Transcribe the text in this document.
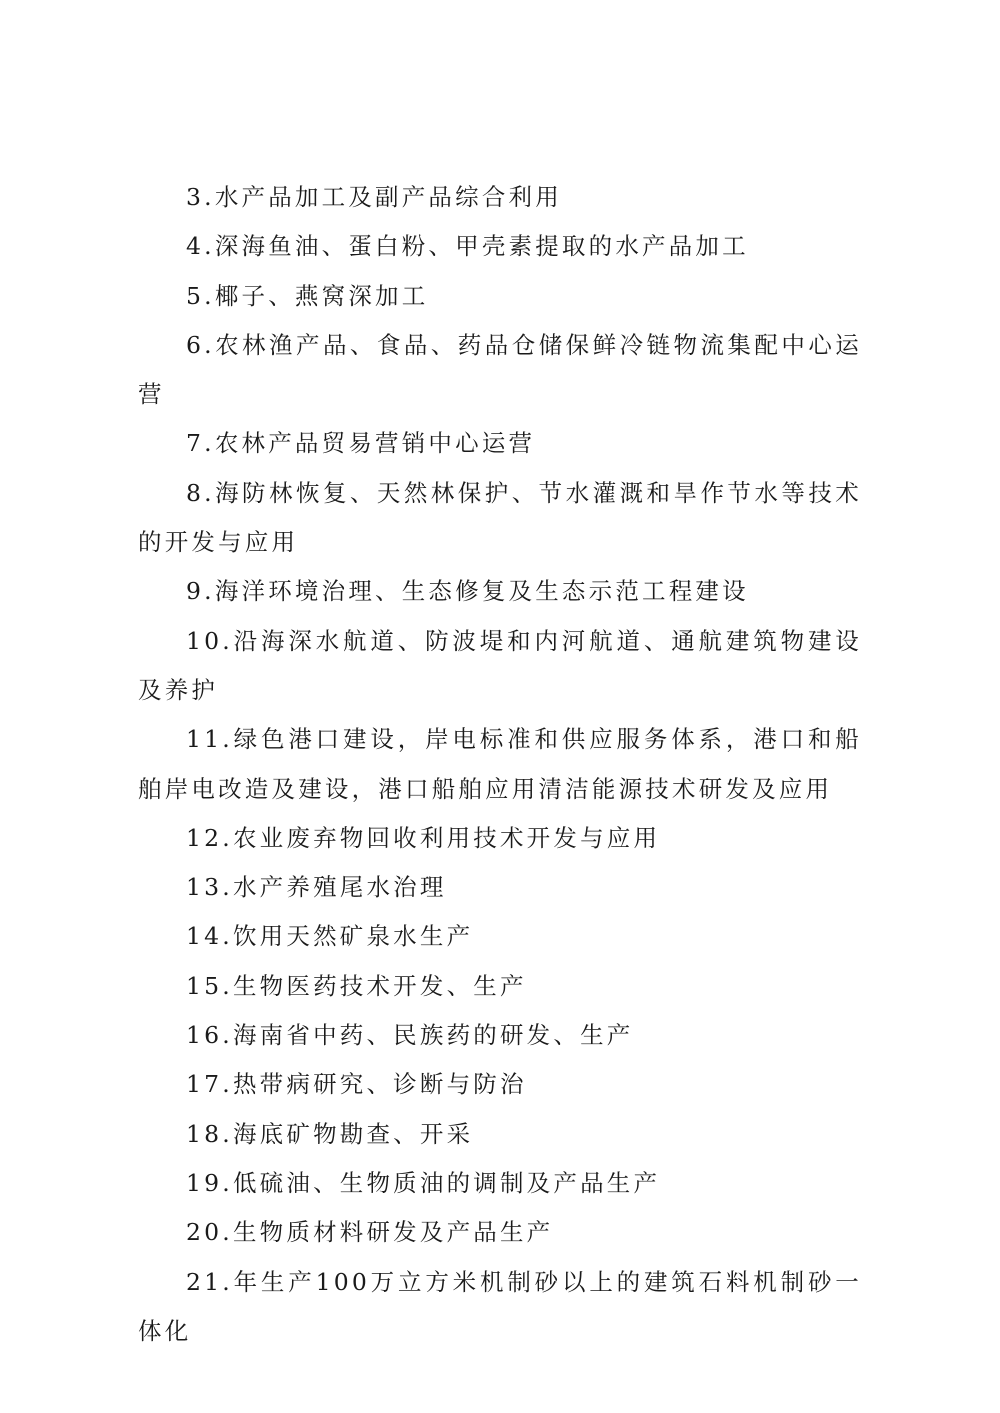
3.水产品加工及副产品综合利用

4.深海鱼油、蛋白粉、甲壳素提取的水产品加工

5.椰子、燕窝深加工

6.农林渔产品、食品、药品仓储保鲜冷链物流集配中心运营

7.农林产品贸易营销中心运营

8.海防林恢复、天然林保护、节水灌溉和旱作节水等技术的开发与应用

9.海洋环境治理、生态修复及生态示范工程建设

10.沿海深水航道、防波堤和内河航道、通航建筑物建设及养护

11.绿色港口建设，岸电标准和供应服务体系，港口和船舶岸电改造及建设，港口船舶应用清洁能源技术研发及应用

12.农业废弃物回收利用技术开发与应用

13.水产养殖尾水治理

14.饮用天然矿泉水生产

15.生物医药技术开发、生产

16.海南省中药、民族药的研发、生产

17.热带病研究、诊断与防治

18.海底矿物勘查、开采

19.低硫油、生物质油的调制及产品生产

20.生物质材料研发及产品生产

21.年生产100万立方米机制砂以上的建筑石料机制砂一体化
